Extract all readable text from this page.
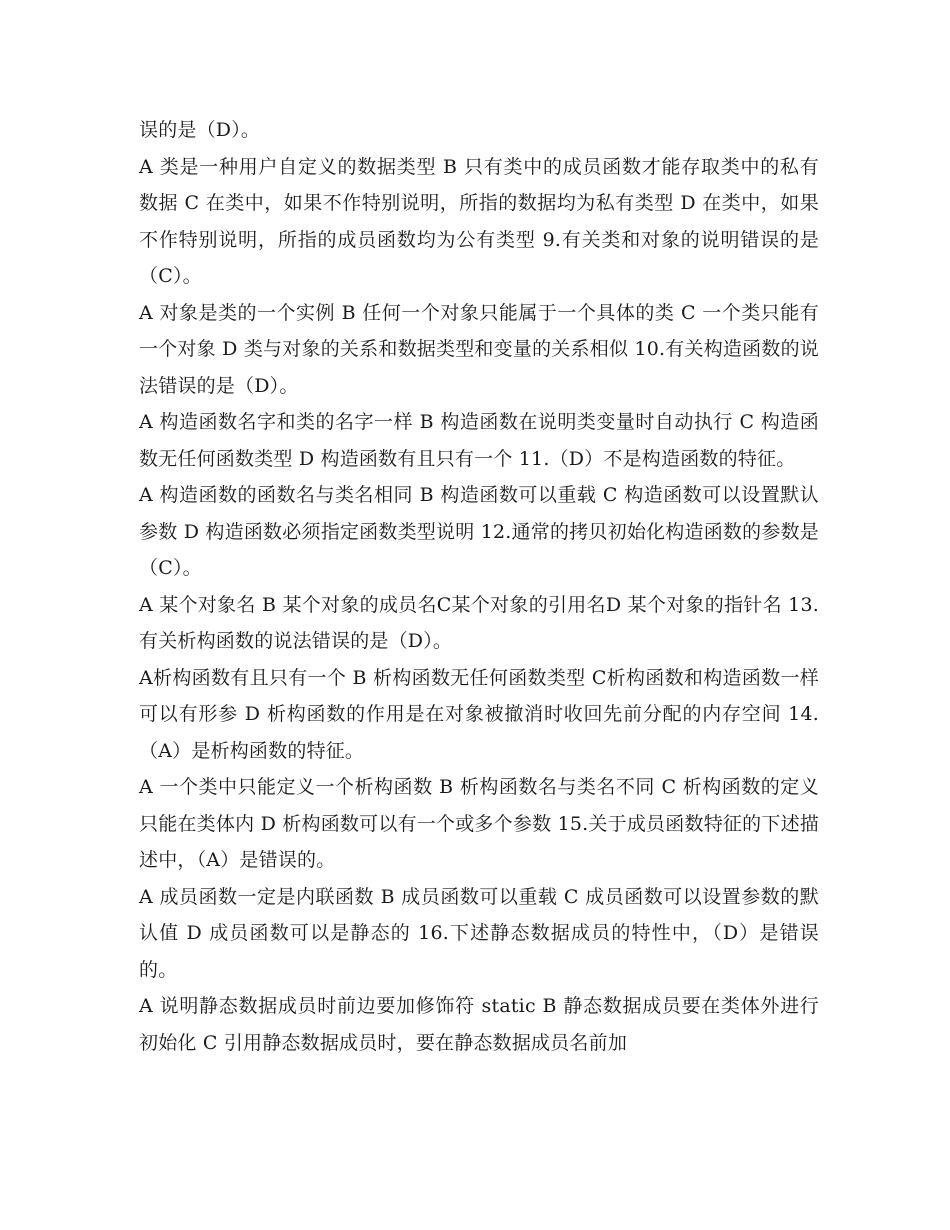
误的是（D）。

A 类是一种用户自定义的数据类型 B 只有类中的成员函数才能存取类中的私有数据 C 在类中，如果不作特别说明，所指的数据均为私有类型 D 在类中，如果不作特别说明，所指的成员函数均为公有类型 9.有关类和对象的说明错误的是（C）。

A 对象是类的一个实例 B 任何一个对象只能属于一个具体的类 C 一个类只能有一个对象 D 类与对象的关系和数据类型和变量的关系相似 10.有关构造函数的说法错误的是（D）。

A 构造函数名字和类的名字一样 B 构造函数在说明类变量时自动执行 C 构造函数无任何函数类型 D 构造函数有且只有一个 11.（D）不是构造函数的特征。

A 构造函数的函数名与类名相同 B 构造函数可以重载 C 构造函数可以设置默认参数 D 构造函数必须指定函数类型说明 12.通常的拷贝初始化构造函数的参数是（C）。

A 某个对象名 B 某个对象的成员名C某个对象的引用名D 某个对象的指针名 13.有关析构函数的说法错误的是（D）。

A析构函数有且只有一个 B 析构函数无任何函数类型 C析构函数和构造函数一样可以有形参 D 析构函数的作用是在对象被撤消时收回先前分配的内存空间 14.（A）是析构函数的特征。

A 一个类中只能定义一个析构函数 B 析构函数名与类名不同 C 析构函数的定义只能在类体内 D 析构函数可以有一个或多个参数 15.关于成员函数特征的下述描述中，（A）是错误的。

A 成员函数一定是内联函数 B 成员函数可以重载 C 成员函数可以设置参数的默认值 D 成员函数可以是静态的 16.下述静态数据成员的特性中，（D）是错误的。

A 说明静态数据成员时前边要加修饰符 static B 静态数据成员要在类体外进行初始化 C 引用静态数据成员时，要在静态数据成员名前加
